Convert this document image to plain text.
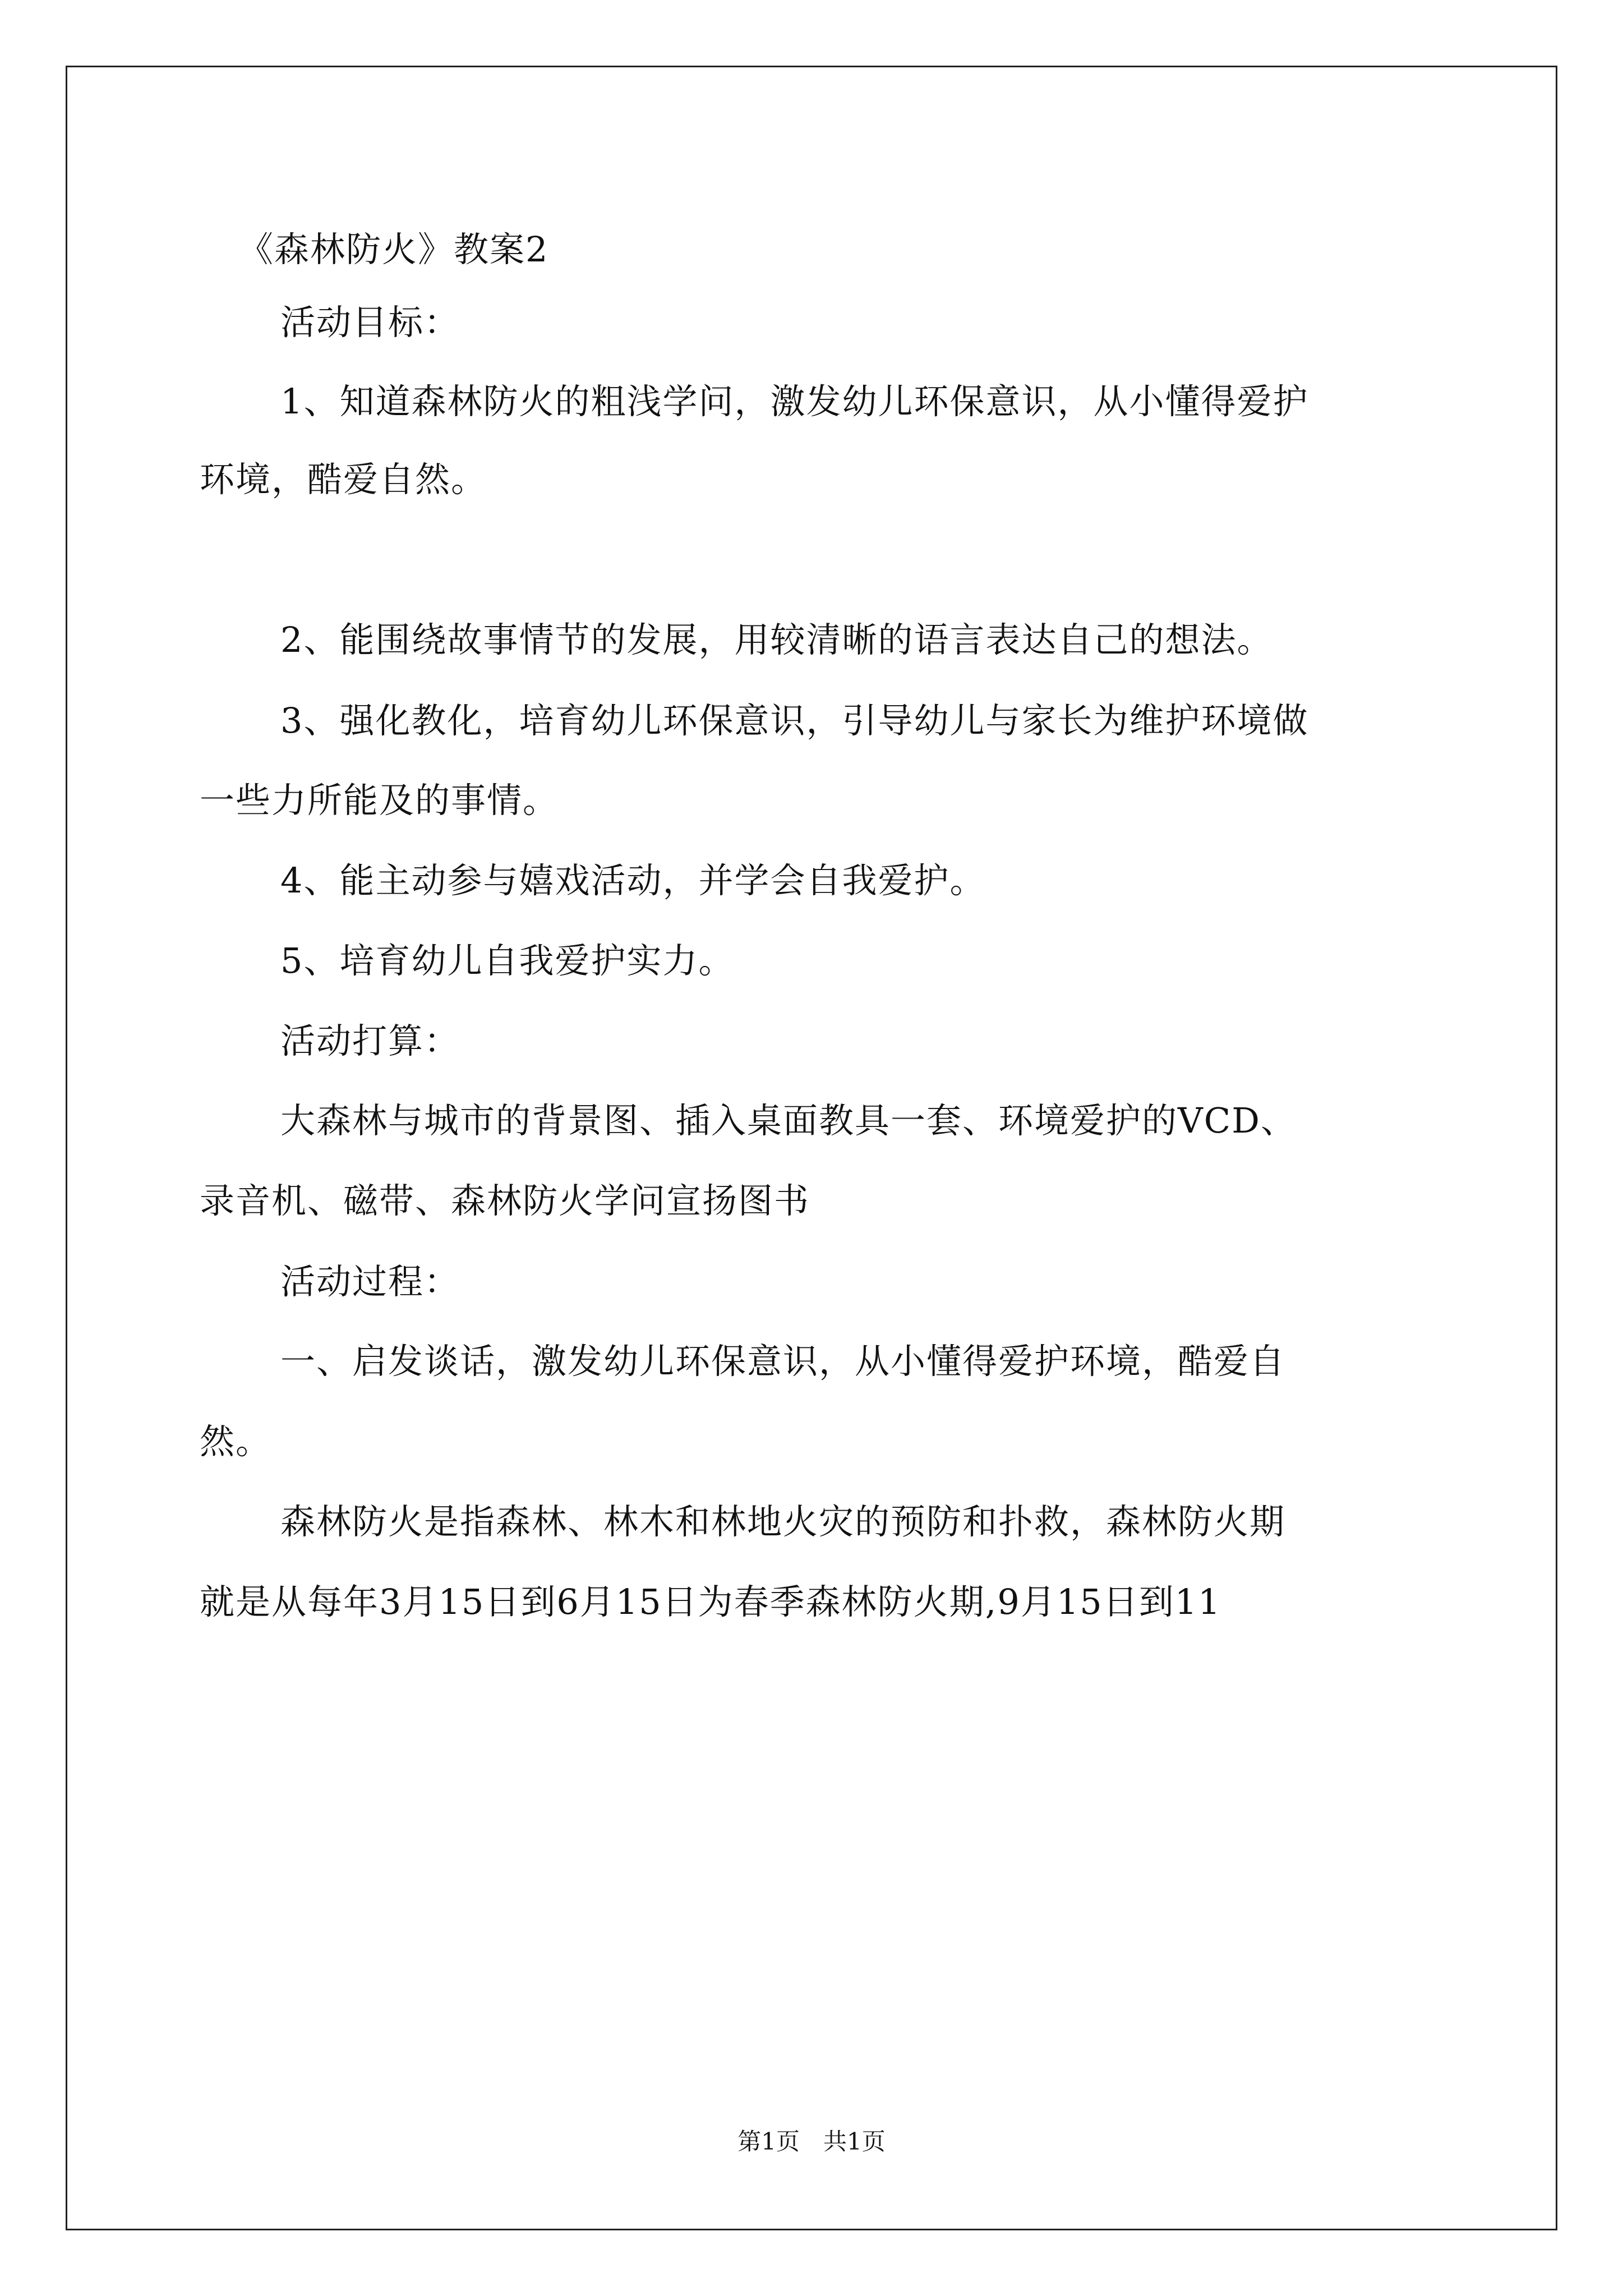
《森林防火》教案2
活动目标：
1、知道森林防火的粗浅学问，激发幼儿环保意识，从小懂得爱护
环境，酷爱自然。
2、能围绕故事情节的发展，用较清晰的语言表达自己的想法。
3、强化教化，培育幼儿环保意识，引导幼儿与家长为维护环境做
一些力所能及的事情。
4、能主动参与嬉戏活动，并学会自我爱护。
5、培育幼儿自我爱护实力。
活动打算：
大森林与城市的背景图、插入桌面教具一套、环境爱护的VCD、
录音机、磁带、森林防火学问宣扬图书
活动过程：
一、启发谈话，激发幼儿环保意识，从小懂得爱护环境，酷爱自
然。
森林防火是指森林、林木和林地火灾的预防和扑救，森林防火期
就是从每年3月15日到6月15日为春季森林防火期,9月15日到11
第1页　共1页
